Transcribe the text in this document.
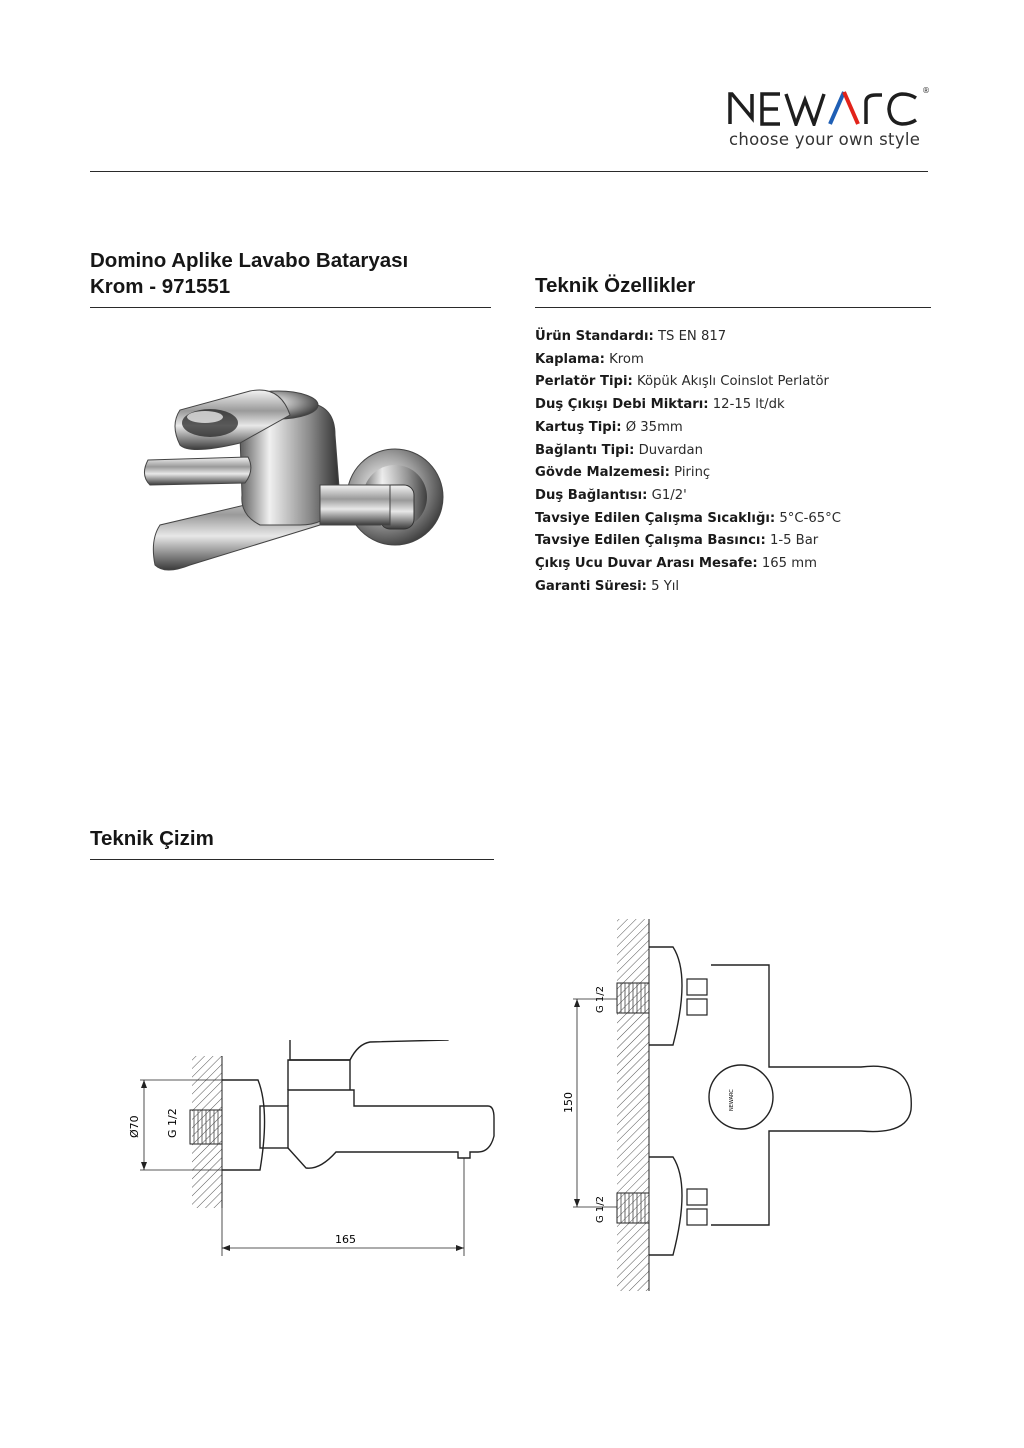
®
choose your own style
Domino Aplike Lavabo Bataryası
Krom - 971551	Teknik Özellikler
Ürün Standardı: TS EN 817
Kaplama: Krom
Perlatör Tipi: Köpük Akışlı Coinslot Perlatör
Duş Çıkışı Debi Miktarı: 12-15 lt/dk
Kartuş Tipi: Ø 35mm
Bağlantı Tipi: Duvardan
Gövde Malzemesi: Pirinç
Duş Bağlantısı: G1/2'
Tavsiye Edilen Çalışma Sıcaklığı: 5°C-65°C
Tavsiye Edilen Çalışma Basıncı: 1-5 Bar
Çıkış Ucu Duvar Arası Mesafe: 165 mm
Garanti Süresi: 5 Yıl
Teknik Çizim
Ø70 G 1/2
165
NEWARC
150
G 1/2
G 1/2
